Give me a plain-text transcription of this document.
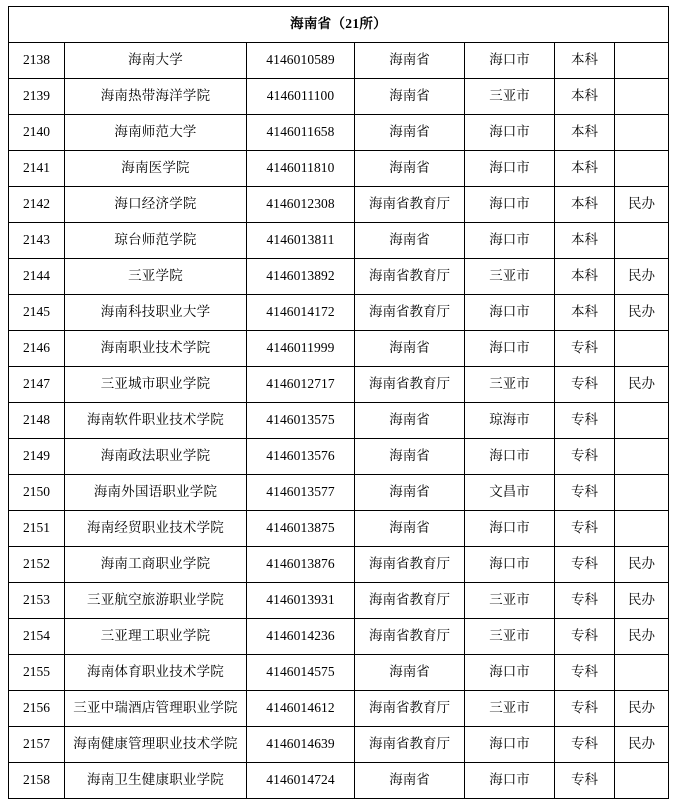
海南省（21所）						
2138	海南大学	4146010589	海南省	海口市	本科	
2139	海南热带海洋学院	4146011100	海南省	三亚市	本科	
2140	海南师范大学	4146011658	海南省	海口市	本科	
2141	海南医学院	4146011810	海南省	海口市	本科	
2142	海口经济学院	4146012308	海南省教育厅	海口市	本科	民办
2143	琼台师范学院	4146013811	海南省	海口市	本科	
2144	三亚学院	4146013892	海南省教育厅	三亚市	本科	民办
2145	海南科技职业大学	4146014172	海南省教育厅	海口市	本科	民办
2146	海南职业技术学院	4146011999	海南省	海口市	专科	
2147	三亚城市职业学院	4146012717	海南省教育厅	三亚市	专科	民办
2148	海南软件职业技术学院	4146013575	海南省	琼海市	专科	
2149	海南政法职业学院	4146013576	海南省	海口市	专科	
2150	海南外国语职业学院	4146013577	海南省	文昌市	专科	
2151	海南经贸职业技术学院	4146013875	海南省	海口市	专科	
2152	海南工商职业学院	4146013876	海南省教育厅	海口市	专科	民办
2153	三亚航空旅游职业学院	4146013931	海南省教育厅	三亚市	专科	民办
2154	三亚理工职业学院	4146014236	海南省教育厅	三亚市	专科	民办
2155	海南体育职业技术学院	4146014575	海南省	海口市	专科	
2156	三亚中瑞酒店管理职业学院	4146014612	海南省教育厅	三亚市	专科	民办
2157	海南健康管理职业技术学院	4146014639	海南省教育厅	海口市	专科	民办
2158	海南卫生健康职业学院	4146014724	海南省	海口市	专科	
